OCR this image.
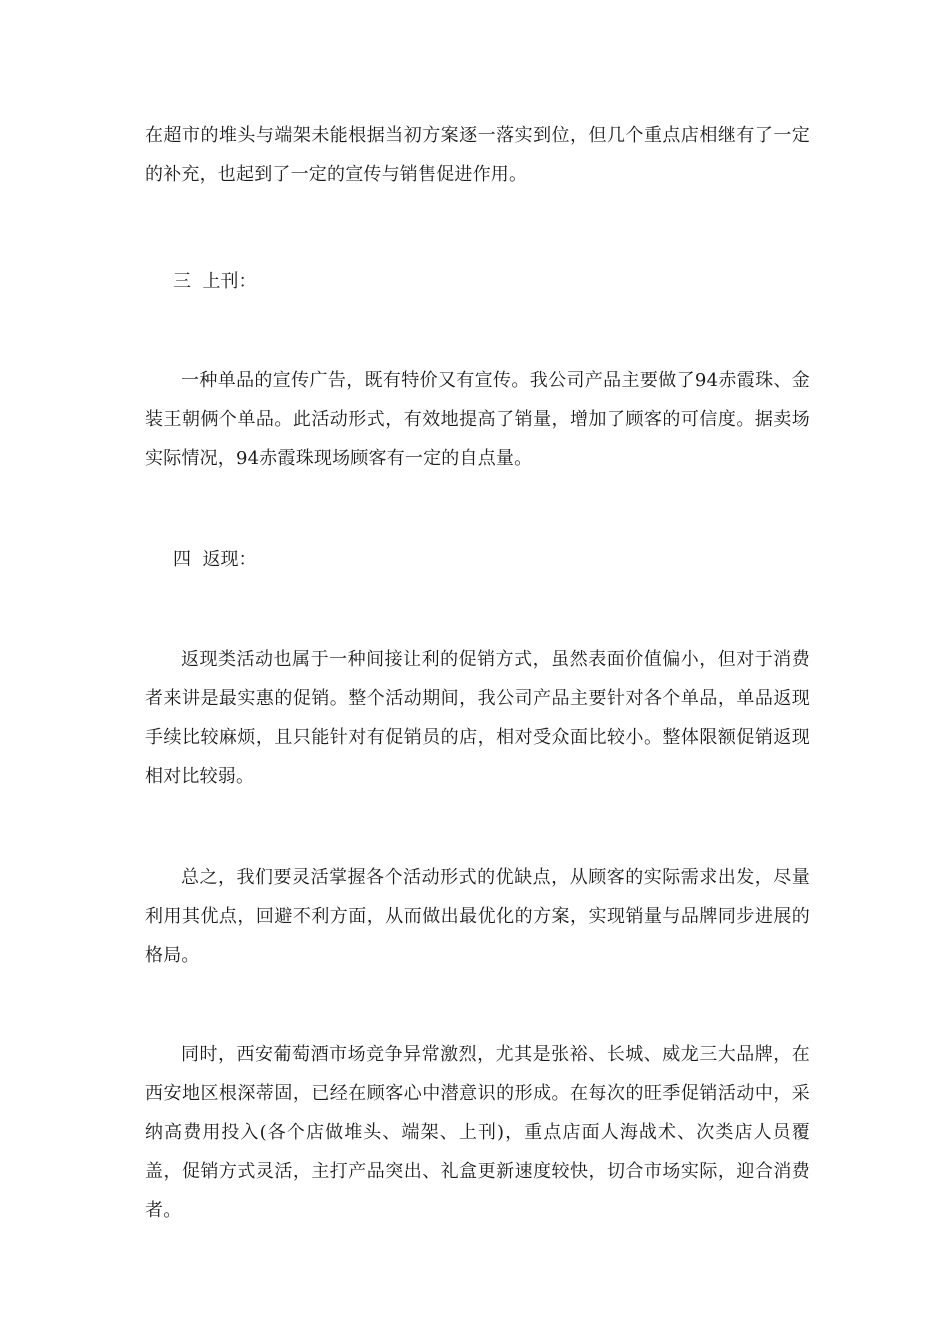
在超市的堆头与端架未能根据当初方案逐一落实到位，但几个重点店相继有了一定的补充，也起到了一定的宣传与销售促进作用。

三  上刊：

一种单品的宣传广告，既有特价又有宣传。我公司产品主要做了94赤霞珠、金装王朝俩个单品。此活动形式，有效地提高了销量，增加了顾客的可信度。据卖场实际情况，94赤霞珠现场顾客有一定的自点量。

四  返现：

返现类活动也属于一种间接让利的促销方式，虽然表面价值偏小，但对于消费者来讲是最实惠的促销。整个活动期间，我公司产品主要针对各个单品，单品返现手续比较麻烦，且只能针对有促销员的店，相对受众面比较小。整体限额促销返现相对比较弱。

总之，我们要灵活掌握各个活动形式的优缺点，从顾客的实际需求出发，尽量利用其优点，回避不利方面，从而做出最优化的方案，实现销量与品牌同步进展的格局。

同时，西安葡萄酒市场竞争异常激烈，尤其是张裕、长城、威龙三大品牌，在西安地区根深蒂固，已经在顾客心中潜意识的形成。在每次的旺季促销活动中，采纳高费用投入(各个店做堆头、端架、上刊)，重点店面人海战术、次类店人员覆盖，促销方式灵活，主打产品突出、礼盒更新速度较快，切合市场实际，迎合消费者。
